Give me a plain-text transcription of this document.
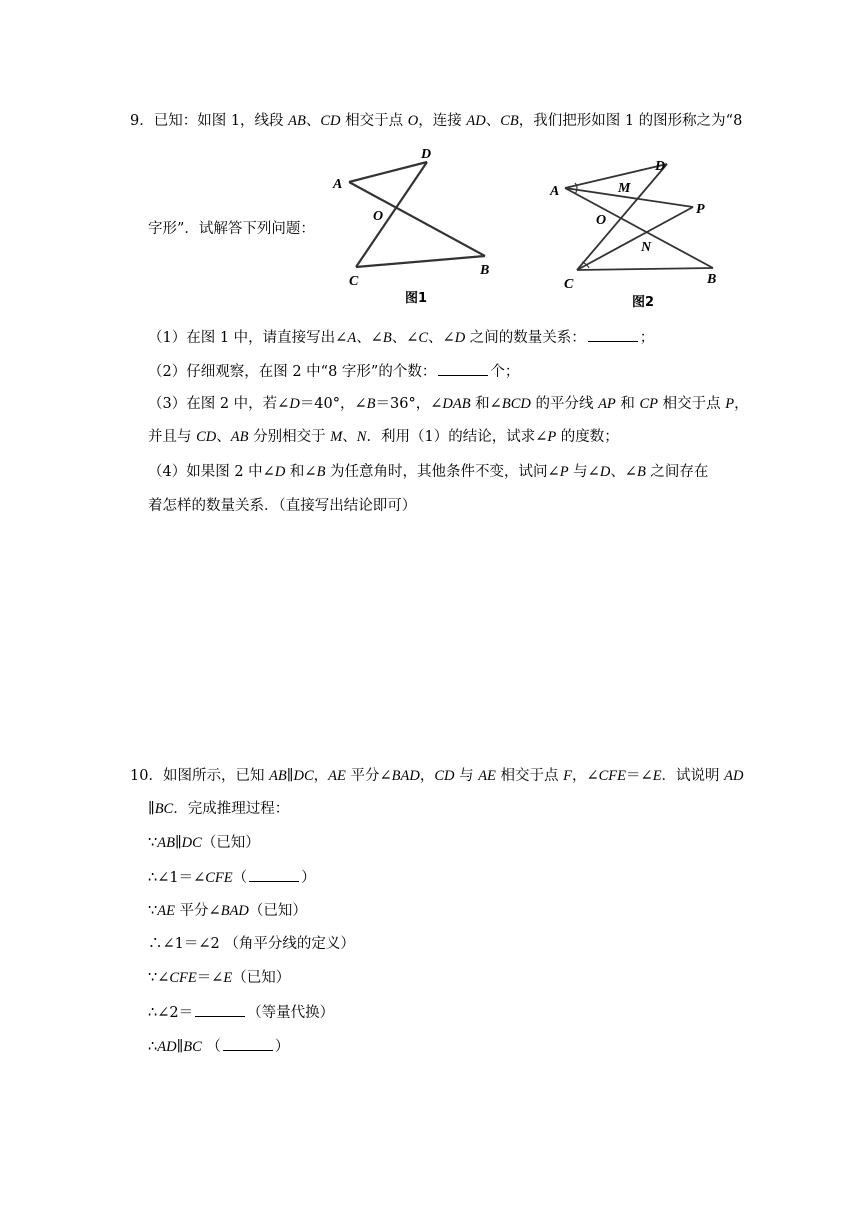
9．已知：如图 1，线段 AB、CD 相交于点 O，连接 AD、CB，我们把形如图 1 的图形称之为“8
字形”．试解答下列问题：
A
D
O
C
B
图1
A
D
M
O
P
N
C	B
图2
（1）在图 1 中，请直接写出∠A、∠B、∠C、∠D 之间的数量关系：	；
（2）仔细观察，在图 2 中“8 字形”的个数：	个；
（3）在图 2 中，若∠D＝40°，∠B＝36°，∠DAB 和∠BCD 的平分线 AP 和 CP 相交于点 P，
并且与 CD、AB 分别相交于 M、N．利用（1）的结论，试求∠P 的度数；
（4）如果图 2 中∠D 和∠B 为任意角时，其他条件不变，试问∠P 与∠D、∠B 之间存在
着怎样的数量关系．（直接写出结论即可）
10．如图所示，已知 AB∥DC，AE 平分∠BAD，CD 与 AE 相交于点 F，∠CFE＝∠E．试说明 AD
∥BC．完成推理过程：
∵AB∥DC（已知）
∴∠1＝∠CFE（	）
∵AE 平分∠BAD（已知）
∴∠1＝∠2 （角平分线的定义）
∵∠CFE＝∠E（已知）
∴∠2＝	（等量代换）
∴AD∥BC （	）
